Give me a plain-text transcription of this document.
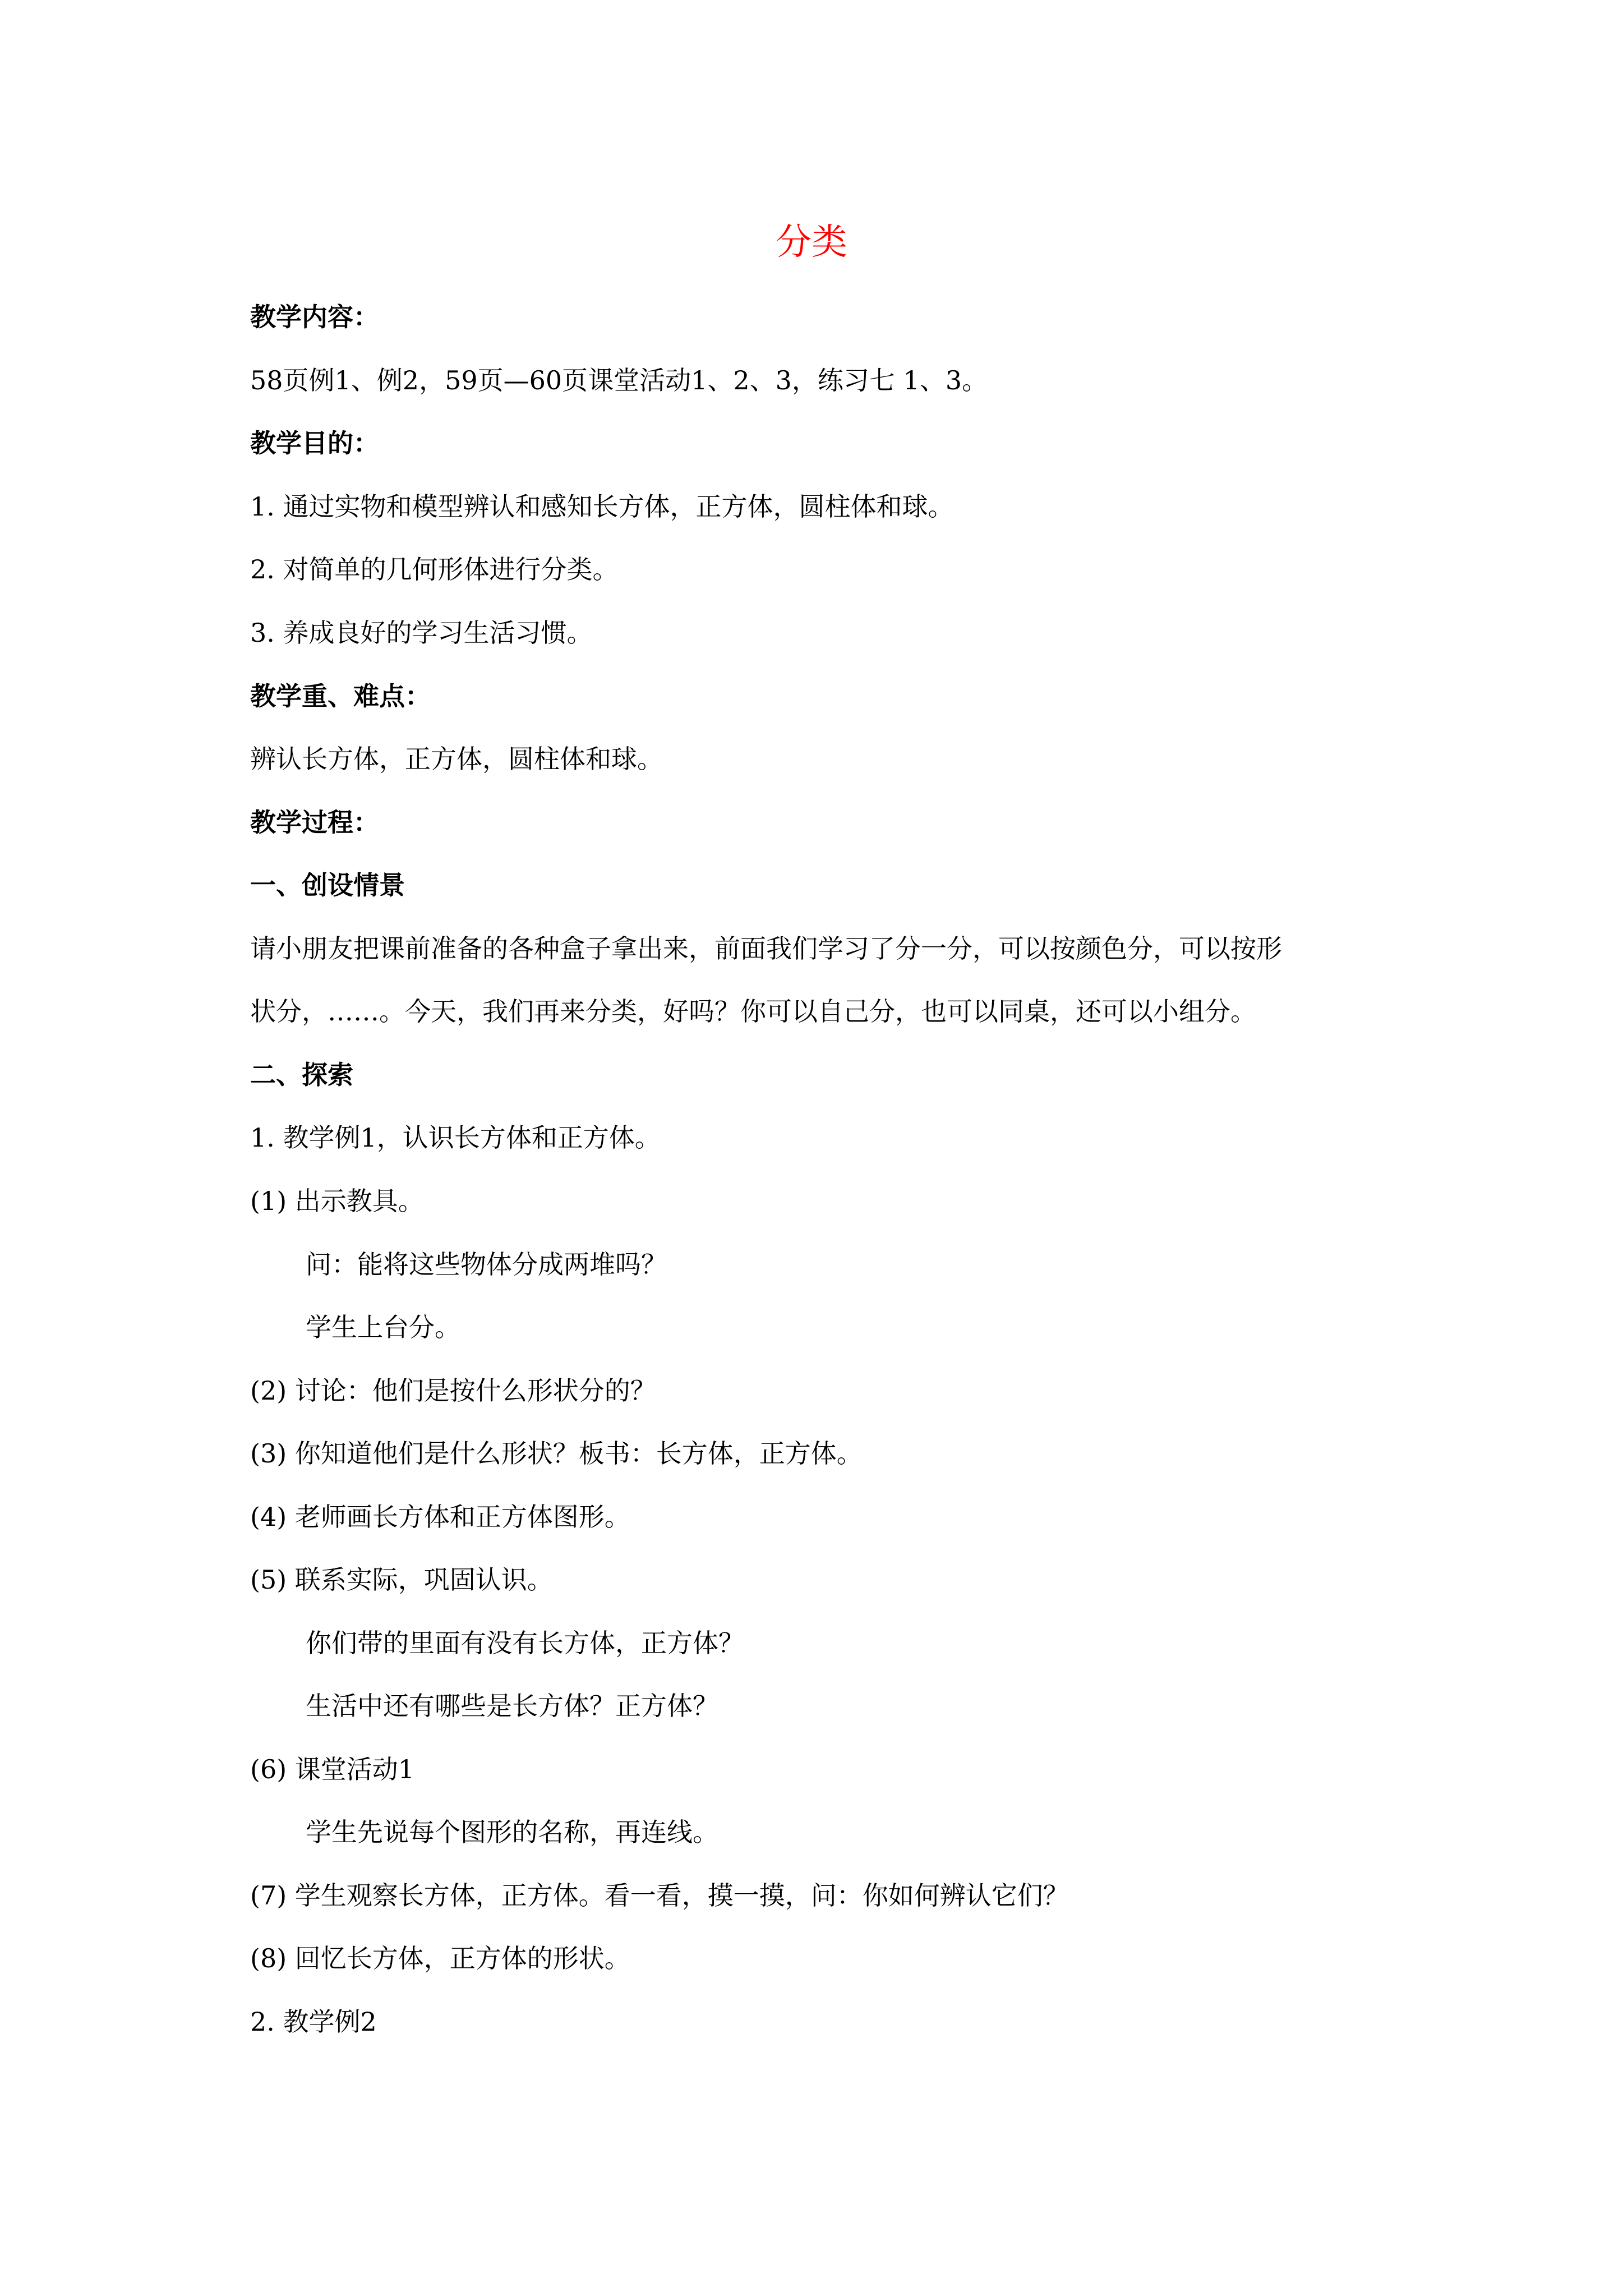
分类
教学内容：
58页例1、例2，59页—60页课堂活动1、2、3，练习七 1、3。
教学目的：
1. 通过实物和模型辨认和感知长方体，正方体，圆柱体和球。
2. 对简单的几何形体进行分类。
3. 养成良好的学习生活习惯。
教学重、难点：
辨认长方体，正方体，圆柱体和球。
教学过程：
一、创设情景
请小朋友把课前准备的各种盒子拿出来，前面我们学习了分一分，可以按颜色分，可以按形
状分，……。今天，我们再来分类，好吗？你可以自己分，也可以同桌，还可以小组分。
二、探索
1. 教学例1，认识长方体和正方体。
(1) 出示教具。
问：能将这些物体分成两堆吗？
学生上台分。
(2) 讨论：他们是按什么形状分的？
(3) 你知道他们是什么形状？板书：长方体，正方体。
(4) 老师画长方体和正方体图形。
(5) 联系实际，巩固认识。
你们带的里面有没有长方体，正方体？
生活中还有哪些是长方体？正方体？
(6) 课堂活动1
学生先说每个图形的名称，再连线。
(7) 学生观察长方体，正方体。看一看，摸一摸，问：你如何辨认它们？
(8) 回忆长方体，正方体的形状。
2. 教学例2
